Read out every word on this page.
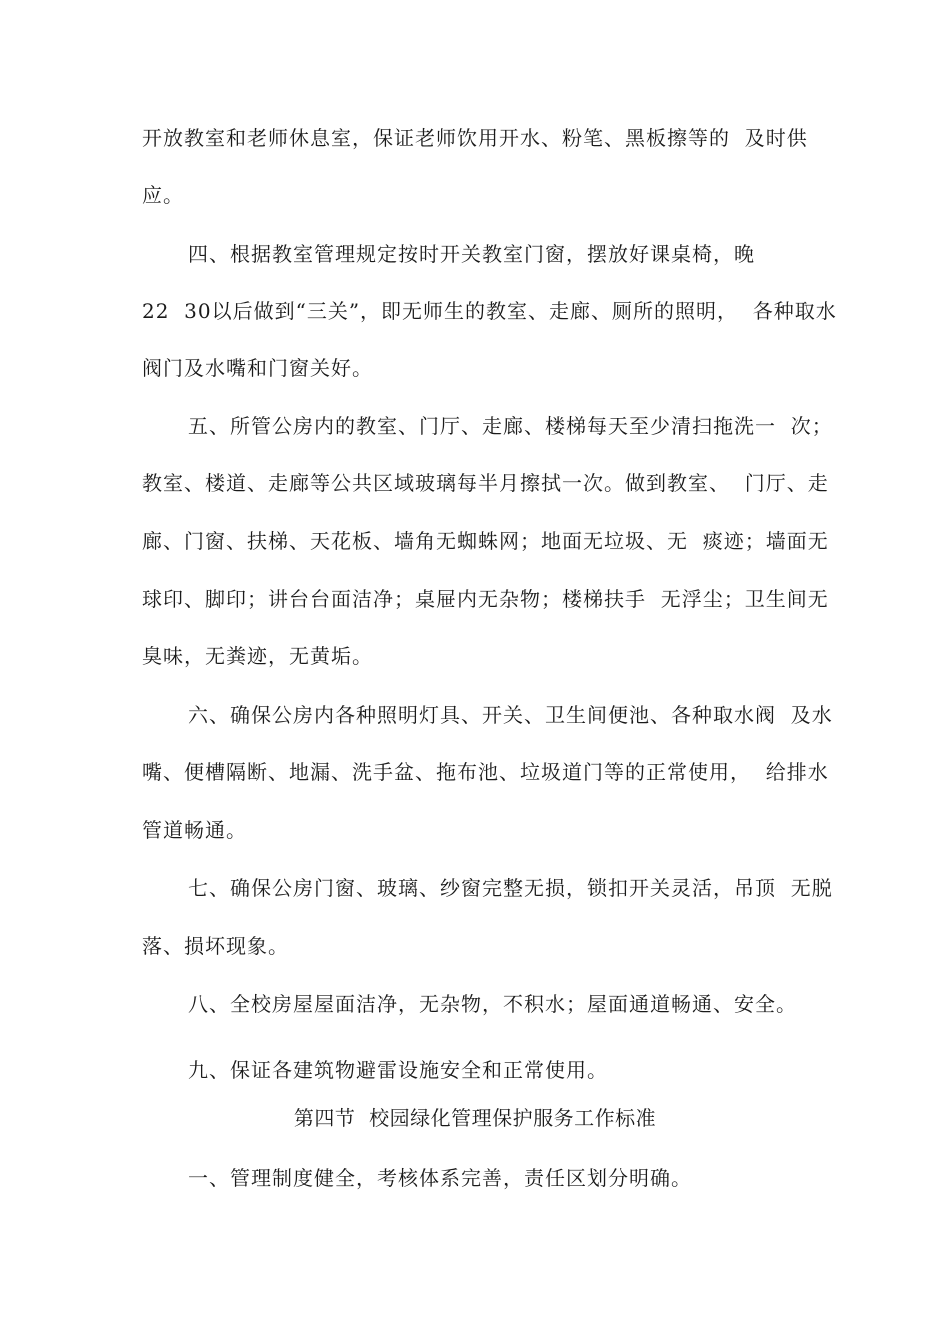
开放教室和老师休息室，保证老师饮用开水、粉笔、黑板擦等的  及时供
应。
四、根据教室管理规定按时开关教室门窗，摆放好课桌椅，晚
22  30以后做到“三关”，即无师生的教室、走廊、厕所的照明，  各种取水
阀门及水嘴和门窗关好。
五、所管公房内的教室、门厅、走廊、楼梯每天至少清扫拖洗一  次；
教室、楼道、走廊等公共区域玻璃每半月擦拭一次。做到教室、  门厅、走
廊、门窗、扶梯、天花板、墙角无蜘蛛网；地面无垃圾、无  痰迹；墙面无
球印、脚印；讲台台面洁净；桌屉内无杂物；楼梯扶手  无浮尘；卫生间无
臭味，无粪迹，无黄垢。
六、确保公房内各种照明灯具、开关、卫生间便池、各种取水阀  及水
嘴、便槽隔断、地漏、洗手盆、拖布池、垃圾道门等的正常使用，  给排水
管道畅通。
七、确保公房门窗、玻璃、纱窗完整无损，锁扣开关灵活，吊顶  无脱
落、损坏现象。
八、全校房屋屋面洁净，无杂物，不积水；屋面通道畅通、安全。
九、保证各建筑物避雷设施安全和正常使用。
第四节  校园绿化管理保护服务工作标准
一、管理制度健全，考核体系完善，责任区划分明确。
